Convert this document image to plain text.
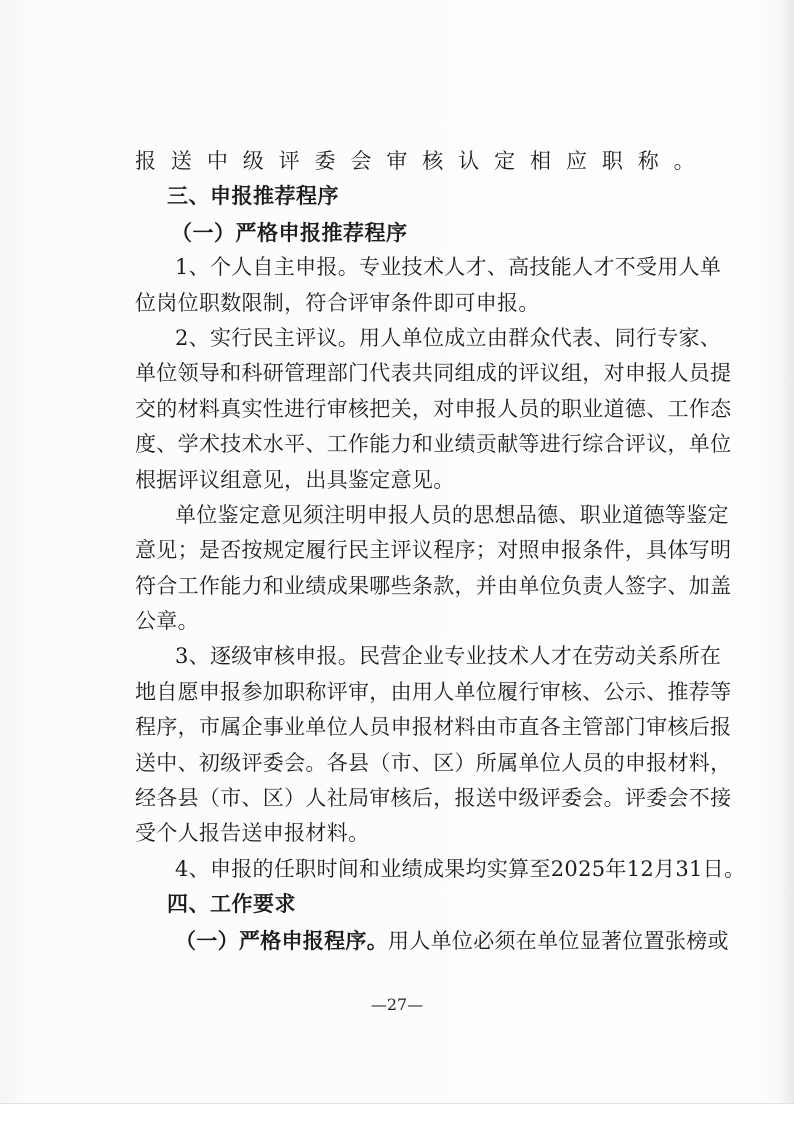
报送中级评委会审核认定相应职称。
三、申报推荐程序
（一）严格申报推荐程序
1、个人自主申报。专业技术人才、高技能人才不受用人单
位岗位职数限制，符合评审条件即可申报。
2、实行民主评议。用人单位成立由群众代表、同行专家、
单位领导和科研管理部门代表共同组成的评议组，对申报人员提
交的材料真实性进行审核把关，对申报人员的职业道德、工作态
度、学术技术水平、工作能力和业绩贡献等进行综合评议，单位
根据评议组意见，出具鉴定意见。
单位鉴定意见须注明申报人员的思想品德、职业道德等鉴定
意见；是否按规定履行民主评议程序；对照申报条件，具体写明
符合工作能力和业绩成果哪些条款，并由单位负责人签字、加盖
公章。
3、逐级审核申报。民营企业专业技术人才在劳动关系所在
地自愿申报参加职称评审，由用人单位履行审核、公示、推荐等
程序，市属企事业单位人员申报材料由市直各主管部门审核后报
送中、初级评委会。各县（市、区）所属单位人员的申报材料，
经各县（市、区）人社局审核后，报送中级评委会。评委会不接
受个人报告送申报材料。
4、申报的任职时间和业绩成果均实算至2025年12月31日。
四、工作要求
（一）严格申报程序。用人单位必须在单位显著位置张榜或
—27—
